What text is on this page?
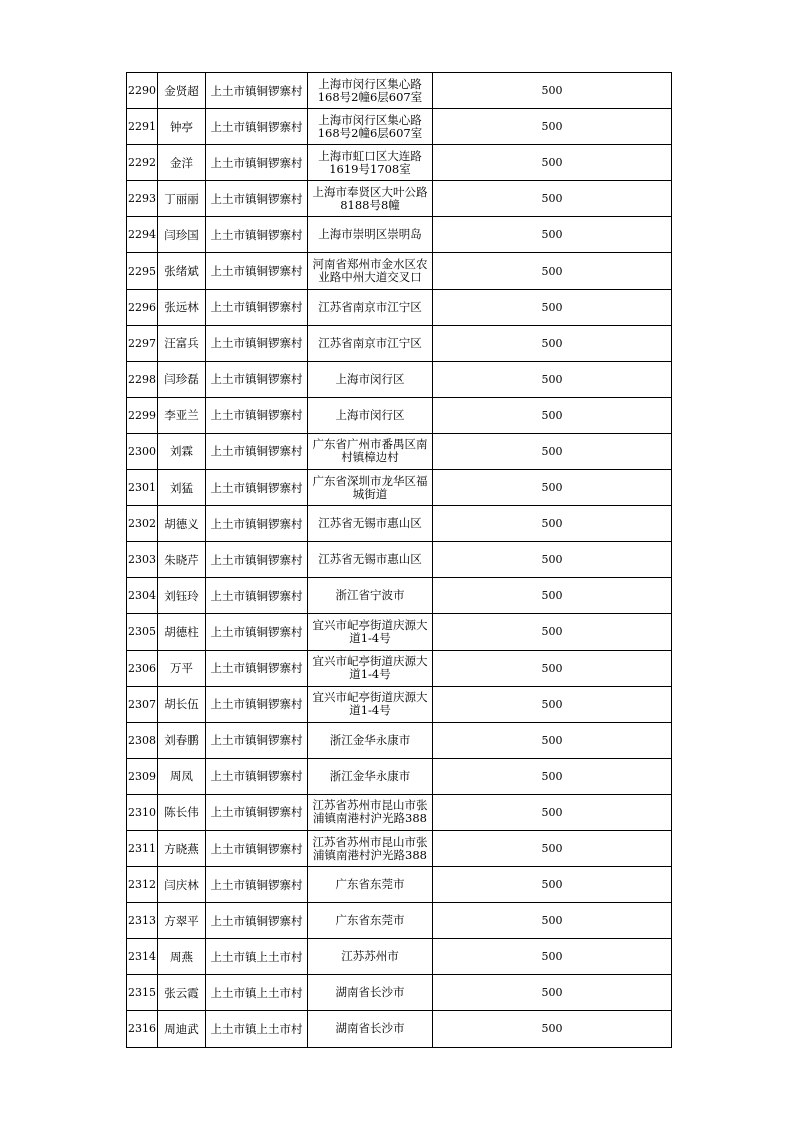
2290	金贤超	上土市镇铜锣寨村	上海市闵行区集心路168号2幢6层607室	500
2291	钟亭	上土市镇铜锣寨村	上海市闵行区集心路168号2幢6层607室	500
2292	金洋	上土市镇铜锣寨村	上海市虹口区大连路1619号1708室	500
2293	丁丽丽	上土市镇铜锣寨村	上海市奉贤区大叶公路8188号8幢	500
2294	闫珍国	上土市镇铜锣寨村	上海市崇明区崇明岛	500
2295	张绪斌	上土市镇铜锣寨村	河南省郑州市金水区农业路中州大道交叉口	500
2296	张远林	上土市镇铜锣寨村	江苏省南京市江宁区	500
2297	汪富兵	上土市镇铜锣寨村	江苏省南京市江宁区	500
2298	闫珍磊	上土市镇铜锣寨村	上海市闵行区	500
2299	李亚兰	上土市镇铜锣寨村	上海市闵行区	500
2300	刘霖	上土市镇铜锣寨村	广东省广州市番禺区南村镇樟边村	500
2301	刘猛	上土市镇铜锣寨村	广东省深圳市龙华区福城街道	500
2302	胡德义	上土市镇铜锣寨村	江苏省无锡市惠山区	500
2303	朱晓芹	上土市镇铜锣寨村	江苏省无锡市惠山区	500
2304	刘钰玲	上土市镇铜锣寨村	浙江省宁波市	500
2305	胡德柱	上土市镇铜锣寨村	宜兴市屺亭街道庆源大道1-4号	500
2306	万平	上土市镇铜锣寨村	宜兴市屺亭街道庆源大道1-4号	500
2307	胡长伍	上土市镇铜锣寨村	宜兴市屺亭街道庆源大道1-4号	500
2308	刘春鹏	上土市镇铜锣寨村	浙江金华永康市	500
2309	周凤	上土市镇铜锣寨村	浙江金华永康市	500
2310	陈长伟	上土市镇铜锣寨村	江苏省苏州市昆山市张浦镇南港村沪光路388	500
2311	方晓燕	上土市镇铜锣寨村	江苏省苏州市昆山市张浦镇南港村沪光路388	500
2312	闫庆林	上土市镇铜锣寨村	广东省东莞市	500
2313	方翠平	上土市镇铜锣寨村	广东省东莞市	500
2314	周燕	上土市镇上土市村	江苏苏州市	500
2315	张云霞	上土市镇上土市村	湖南省长沙市	500
2316	周迪武	上土市镇上土市村	湖南省长沙市	500
